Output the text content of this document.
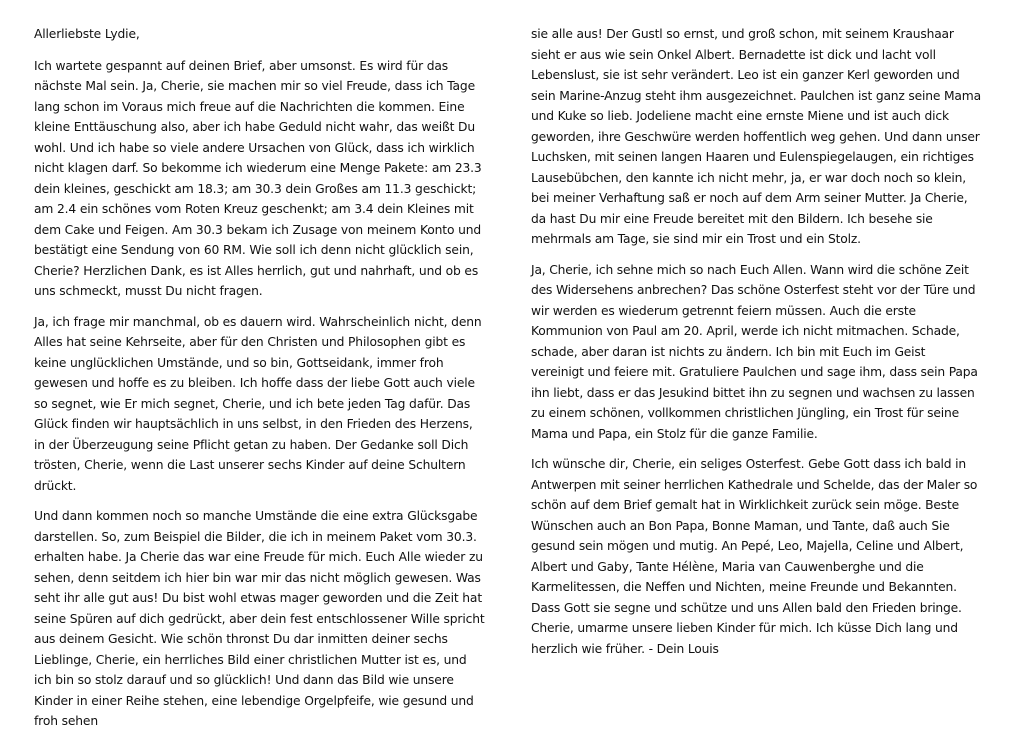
Allerliebste Lydie,

Ich wartete gespannt auf deinen Brief, aber umsonst. Es wird für das nächste Mal sein. Ja, Cherie, sie machen mir so viel Freude, dass ich Tage lang schon im Voraus mich freue auf die Nachrichten die kommen. Eine kleine Enttäuschung also, aber ich habe Geduld nicht wahr, das weißt Du wohl. Und ich habe so viele andere Ursachen von Glück, dass ich wirklich nicht klagen darf. So bekomme ich wiederum eine Menge Pakete: am 23.3 dein kleines, geschickt am 18.3; am 30.3 dein Großes am 11.3 geschickt; am 2.4 ein schönes vom Roten Kreuz geschenkt; am 3.4 dein Kleines mit dem Cake und Feigen. Am 30.3 bekam ich Zusage von meinem Konto und bestätigt eine Sendung von 60 RM. Wie soll ich denn nicht glücklich sein, Cherie? Herzlichen Dank, es ist Alles herrlich, gut und nahrhaft, und ob es uns schmeckt, musst Du nicht fragen.

Ja, ich frage mir manchmal, ob es dauern wird. Wahrscheinlich nicht, denn Alles hat seine Kehrseite, aber für den Christen und Philosophen gibt es keine unglücklichen Umstände, und so bin, Gottseidank, immer froh gewesen und hoffe es zu bleiben. Ich hoffe dass der liebe Gott auch viele so segnet, wie Er mich segnet, Cherie, und ich bete jeden Tag dafür. Das Glück finden wir hauptsächlich in uns selbst, in den Frieden des Herzens, in der Überzeugung seine Pflicht getan zu haben. Der Gedanke soll Dich trösten, Cherie, wenn die Last unserer sechs Kinder auf deine Schultern drückt.

Und dann kommen noch so manche Umstände die eine extra Glücksgabe darstellen. So, zum Beispiel die Bilder, die ich in meinem Paket vom 30.3. erhalten habe. Ja Cherie das war eine Freude für mich. Euch Alle wieder zu sehen, denn seitdem ich hier bin war mir das nicht möglich gewesen. Was seht ihr alle gut aus! Du bist wohl etwas mager geworden und die Zeit hat seine Spüren auf dich gedrückt, aber dein fest entschlossener Wille spricht aus deinem Gesicht. Wie schön thronst Du dar inmitten deiner sechs Lieblinge, Cherie, ein herrliches Bild einer christlichen Mutter ist es, und ich bin so stolz darauf und so glücklich! Und dann das Bild wie unsere Kinder in einer Reihe stehen, eine lebendige Orgelpfeife, wie gesund und froh sehen

sie alle aus! Der Gustl so ernst, und groß schon, mit seinem Kraushaar sieht er aus wie sein Onkel Albert. Bernadette ist dick und lacht voll Lebenslust, sie ist sehr verändert. Leo ist ein ganzer Kerl geworden und sein Marine-Anzug steht ihm ausgezeichnet. Paulchen ist ganz seine Mama und Kuke so lieb. Jodeliene macht eine ernste Miene und ist auch dick geworden, ihre Geschwüre werden hoffentlich weg gehen. Und dann unser Luchsken, mit seinen langen Haaren und Eulenspiegelaugen, ein richtiges Lausebübchen, den kannte ich nicht mehr, ja, er war doch noch so klein, bei meiner Verhaftung saß er noch auf dem Arm seiner Mutter. Ja Cherie, da hast Du mir eine Freude bereitet mit den Bildern. Ich besehe sie mehrmals am Tage, sie sind mir ein Trost und ein Stolz.

Ja, Cherie, ich sehne mich so nach Euch Allen. Wann wird die schöne Zeit des Widersehens anbrechen? Das schöne Osterfest steht vor der Türe und wir werden es wiederum getrennt feiern müssen. Auch die erste Kommunion von Paul am 20. April, werde ich nicht mitmachen. Schade, schade, aber daran ist nichts zu ändern. Ich bin mit Euch im Geist vereinigt und feiere mit. Gratuliere Paulchen und sage ihm, dass sein Papa ihn liebt, dass er das Jesukind bittet ihn zu segnen und wachsen zu lassen zu einem schönen, vollkommen christlichen Jüngling, ein Trost für seine Mama und Papa, ein Stolz für die ganze Familie.

Ich wünsche dir, Cherie, ein seliges Osterfest. Gebe Gott dass ich bald in Antwerpen mit seiner herrlichen Kathedrale und Schelde, das der Maler so schön auf dem Brief gemalt hat in Wirklichkeit zurück sein möge. Beste Wünschen auch an Bon Papa, Bonne Maman, und Tante, daß auch Sie gesund sein mögen und mutig. An Pepé, Leo, Majella, Celine und Albert, Albert und Gaby, Tante Hélène, Maria van Cauwenberghe und die Karmelitessen, die Neffen und Nichten, meine Freunde und Bekannten. Dass Gott sie segne und schütze und uns Allen bald den Frieden bringe. Cherie, umarme unsere lieben Kinder für mich. Ich küsse Dich lang und herzlich wie früher. - Dein Louis
